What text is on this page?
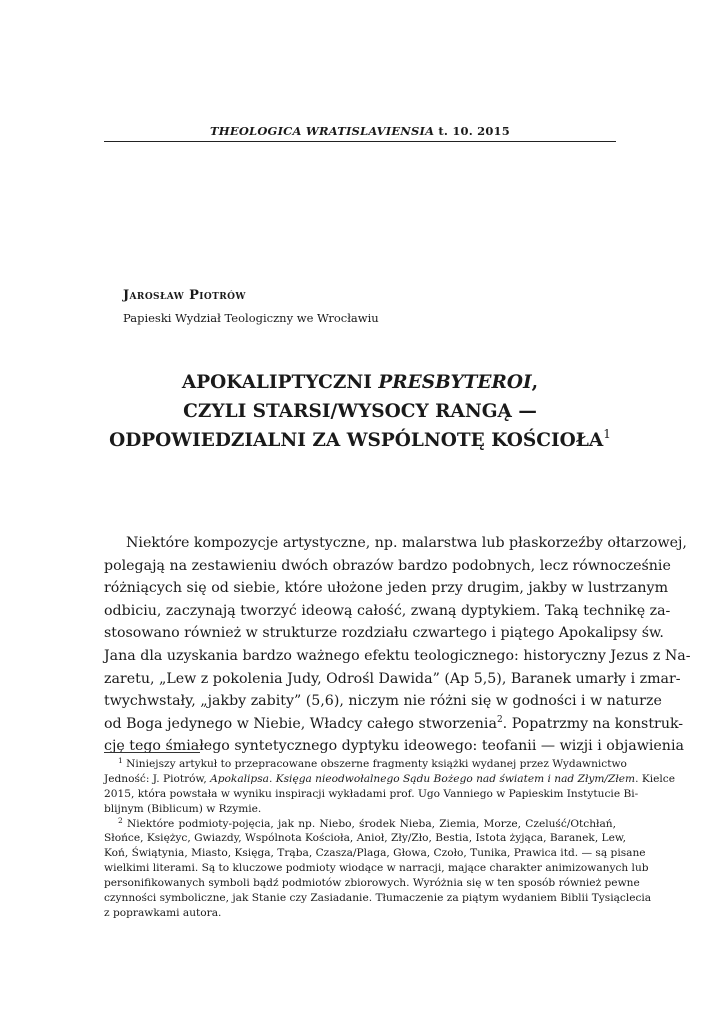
THEOLOGICA WRATISLAVIENSIA t. 10. 2015
Jarosław Piotrów
Papieski Wydział Teologiczny we Wrocławiu
APOKALIPTYCZNI PRESBYTEROI,
CZYLI STARSI/WYSOCY RANGĄ —
ODPOWIEDZIALNI ZA WSPÓLNOTĘ KOŚCIOŁA$^1$
Niektóre kompozycje artystyczne, np. malarstwa lub płaskorzeźby ołtarzowej,
polegają na zestawieniu dwóch obrazów bardzo podobnych, lecz równocześnie
różniących się od siebie, które ułożone jeden przy drugim, jakby w lustrzanym
odbiciu, zaczynają tworzyć ideową całość, zwaną dyptykiem. Taką technikę za-
stosowano również w strukturze rozdziału czwartego i piątego Apokalipsy św.
Jana dla uzyskania bardzo ważnego efektu teologicznego: historyczny Jezus z Na-
zaretu, „Lew z pokolenia Judy, Odrośl Dawida” (Ap 5,5), Baranek umarły i zmar-
twychwstały, „jakby zabity” (5,6), niczym nie różni się w godności i w naturze
od Boga jedynego w Niebie, Władcy całego stworzenia$^2$. Popatrzmy na konstruk-
cję tego śmiałego syntetycznego dyptyku ideowego: teofanii — wizji i objawienia
$^1$ Niniejszy artykuł to przepracowane obszerne fragmenty książki wydanej przez Wydawnictwo
Jedność: J. Piotrów, Apokalipsa. Księga nieodwołalnego Sądu Bożego nad światem i nad Złym/Złem. Kielce
2015, która powstała w wyniku inspiracji wykładami prof. Ugo Vanniego w Papieskim Instytucie Bi-
blijnym (Biblicum) w Rzymie.
$^2$ Niektóre podmioty-pojęcia, jak np. Niebo, środek Nieba, Ziemia, Morze, Czeluść/Otchłań,
Słońce, Księżyc, Gwiazdy, Wspólnota Kościoła, Anioł, Zły/Zło, Bestia, Istota żyjąca, Baranek, Lew,
Koń, Świątynia, Miasto, Księga, Trąba, Czasza/Plaga, Głowa, Czoło, Tunika, Prawica itd. — są pisane
wielkimi literami. Są to kluczowe podmioty wiodące w narracji, mające charakter animizowanych lub
personifikowanych symboli bądź podmiotów zbiorowych. Wyróżnia się w ten sposób również pewne
czynności symboliczne, jak Stanie czy Zasiadanie. Tłumaczenie za piątym wydaniem Biblii Tysiąclecia
z poprawkami autora.
